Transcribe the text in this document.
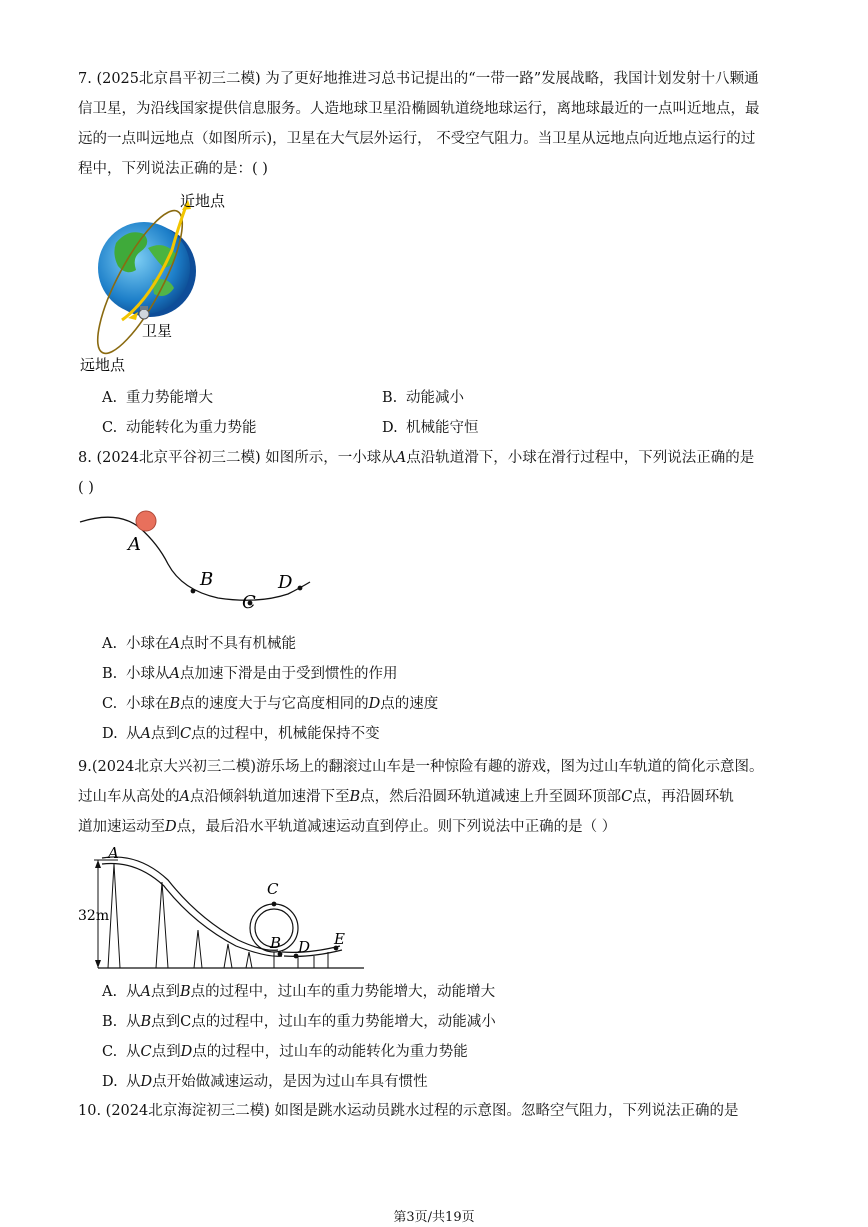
7. (2025北京昌平初三二模) 为了更好地推进习总书记提出的“一带一路”发展战略，我国计划发射十八颗通

信卫星，为沿线国家提供信息服务。人造地球卫星沿椭圆轨道绕地球运行，离地球最近的一点叫近地点，最

远的一点叫远地点（如图所示)，卫星在大气层外运行， 不受空气阻力。当卫星从远地点向近地点运行的过

程中，下列说法正确的是：( )

近地点
卫星
远地点
A. 重力势能增大	B. 动能减小
C. 动能转化为重力势能	D. 机械能守恒

8. (2024北京平谷初三二模) 如图所示，一小球从A点沿轨道滑下，小球在滑行过程中，下列说法正确的是

( )

A
B
C
D
A. 小球在A点时不具有机械能
B. 小球从A点加速下滑是由于受到惯性的作用
C. 小球在B点的速度大于与它高度相同的D点的速度
D. 从A点到C点的过程中，机械能保持不变

9.(2024北京大兴初三二模)游乐场上的翻滚过山车是一种惊险有趣的游戏，图为过山车轨道的简化示意图。

过山车从高处的A点沿倾斜轨道加速滑下至B点，然后沿圆环轨道减速上升至圆环顶部C点，再沿圆环轨

道加速运动至D点，最后沿水平轨道减速运动直到停止。则下列说法中正确的是（ ）

32m
A
C
B D E
A. 从A点到B点的过程中，过山车的重力势能增大，动能增大
B. 从B点到C点的过程中，过山车的重力势能增大，动能减小
C. 从C点到D点的过程中，过山车的动能转化为重力势能
D. 从D点开始做减速运动，是因为过山车具有惯性

10. (2024北京海淀初三二模) 如图是跳水运动员跳水过程的示意图。忽略空气阻力，下列说法正确的是

第3页/共19页
